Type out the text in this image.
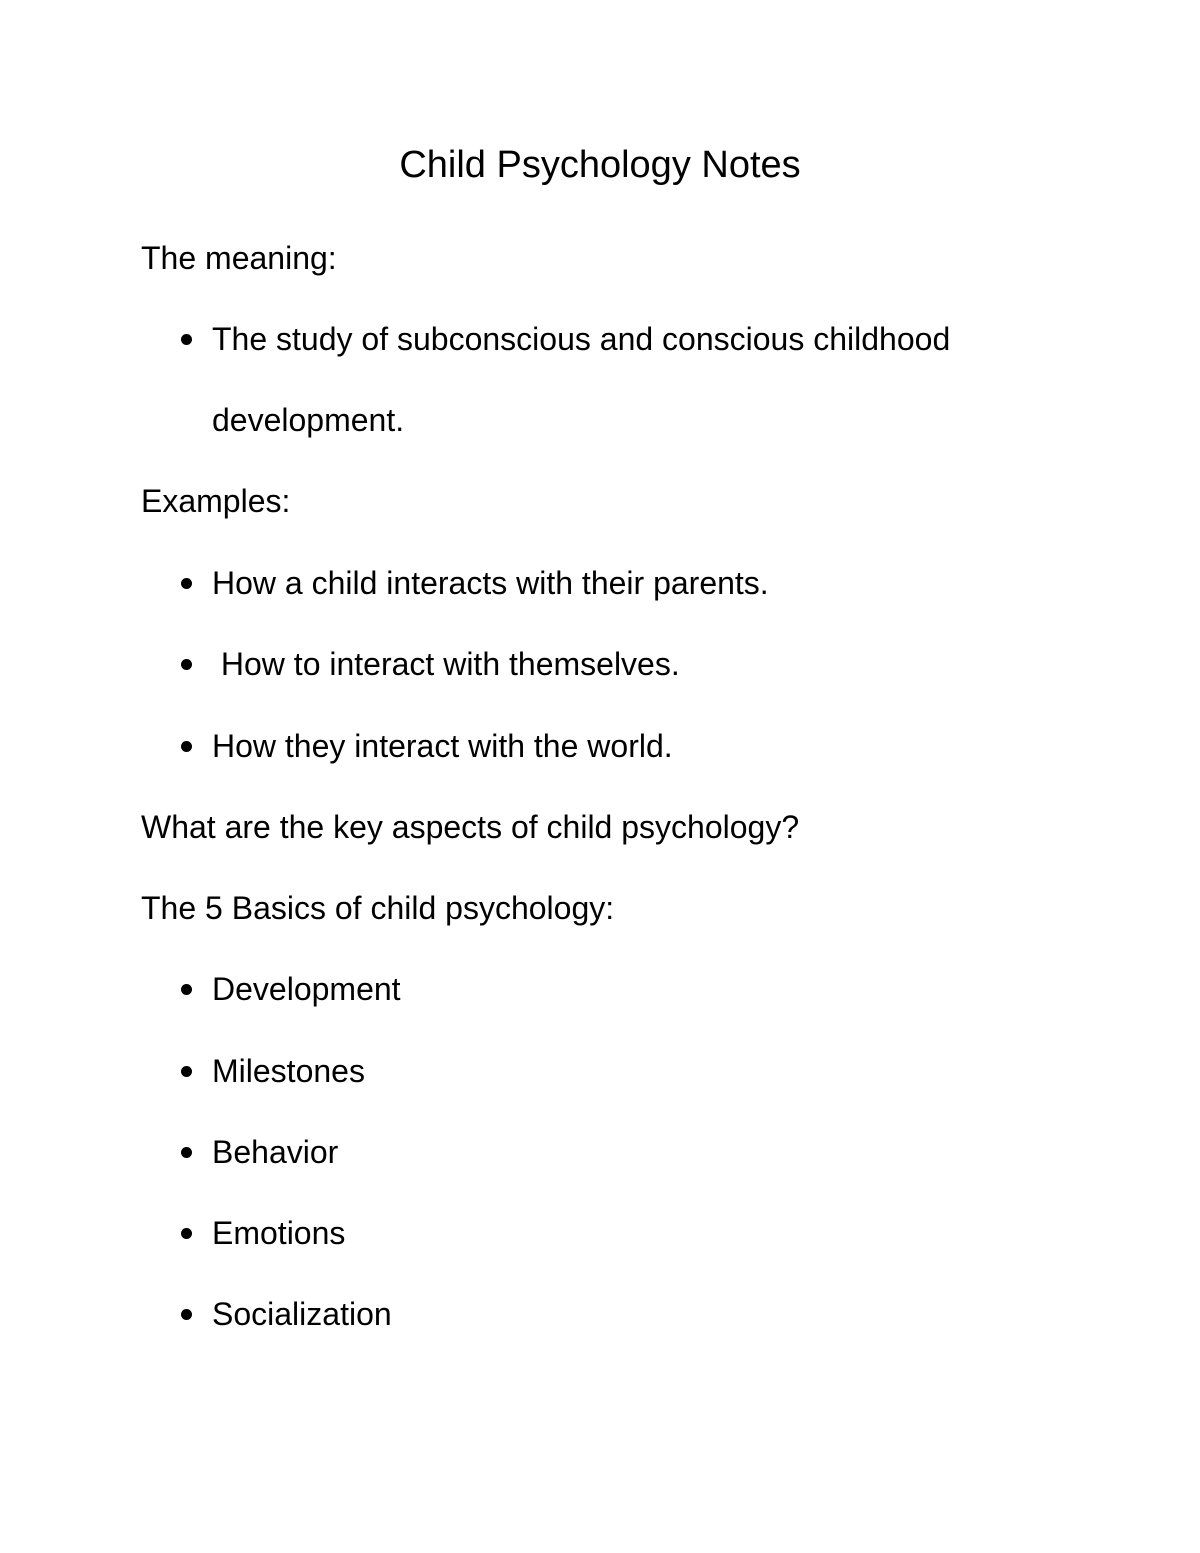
Child Psychology Notes

The meaning:

The study of subconscious and conscious childhood

development.

Examples:

How a child interacts with their parents.

How to interact with themselves.

How they interact with the world.

What are the key aspects of child psychology?

The 5 Basics of child psychology:

Development

Milestones

Behavior

Emotions

Socialization
